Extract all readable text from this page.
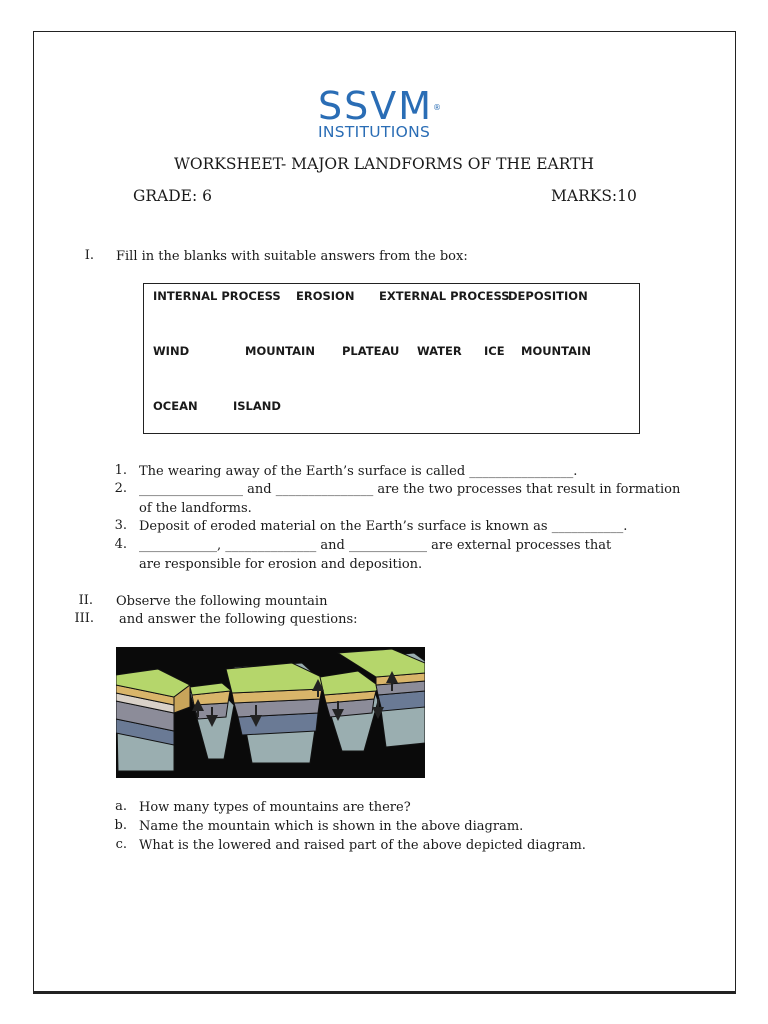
SSVM®
INSTITUTIONS
WORKSHEET- MAJOR LANDFORMS OF THE EARTH
GRADE: 6	MARKS:10
I. Fill in the blanks with suitable answers from the box:
INTERNAL PROCESS EROSION EXTERNAL PROCESS
DEPOSITION
WIND	MOUNTAIN PLATEAU WATER ICE MOUNTAIN
OCEAN	ISLAND
1. The wearing away of the Earth’s surface is called ________________.
2. ________________ and _______________ are the two processes that result in formation of the landforms.
3. Deposit of eroded material on the Earth’s surface is known as ___________.
4. ____________, ______________ and ____________ are external processes that are responsible for erosion and deposition.
II. Observe the following mountain
III. and answer the following questions:
a. How many types of mountains are there?
b. Name the mountain which is shown in the above diagram.
c. What is the lowered and raised part of the above depicted diagram.
